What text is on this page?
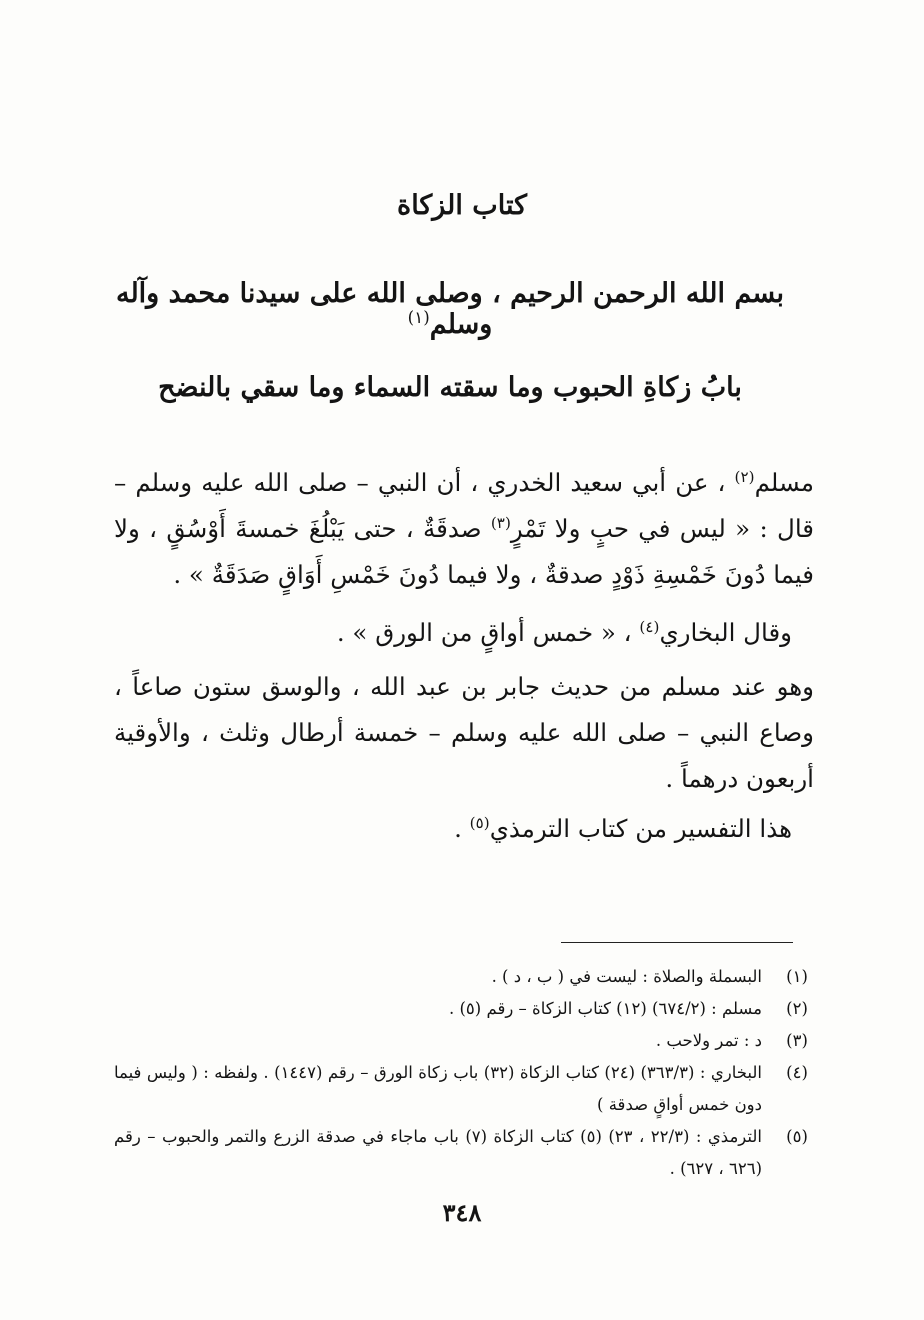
كتاب الزكاة
بسم الله الرحمن الرحيم ، وصلى الله على سيدنا محمد وآله وسلم$^{(١)}$
بابُ زكاةِ الحبوب وما سقته السماء وما سقي بالنضح
مسلم$^{(٢)}$ ، عن أبي سعيد الخدري ، أن النبي – صلى الله عليه وسلم – قال : « ليس في حبٍ ولا تَمْرٍ$^{(٣)}$ صدقَةٌ ، حتى يَبْلُغَ خمسةَ أَوْسُقٍ ، ولا فيما دُونَ خَمْسِةِ ذَوْدٍ صدقةٌ ، ولا فيما دُونَ خَمْسِ أَوَاقٍ صَدَقَةٌ » .
وقال البخاري$^{(٤)}$ ، « خمس أواقٍ من الورق » .
وهو عند مسلم من حديث جابر بن عبد الله ، والوسق ستون صاعاً ، وصاع النبي – صلى الله عليه وسلم – خمسة أرطال وثلث ، والأوقية أربعون درهماً .
هذا التفسير من كتاب الترمذي$^{(٥)}$ .
(١)
البسملة والصلاة : ليست في ( ب ، د ) .
(٢)
مسلم : (٦٧٤/٢) (١٢) كتاب الزكاة – رقم (٥) .
(٣)
د : تمر ولاحب .
(٤)
البخاري : (٣٦٣/٣) (٢٤) كتاب الزكاة (٣٢) باب زكاة الورق – رقم (١٤٤٧) . ولفظه : ( وليس فيما دون خمس أواقٍ صدقة )
(٥)
الترمذي : (٢٢/٣ ، ٢٣) (٥) كتاب الزكاة (٧) باب ماجاء في صدقة الزرع والتمر والحبوب – رقم (٦٢٦ ، ٦٢٧) .
٣٤٨
